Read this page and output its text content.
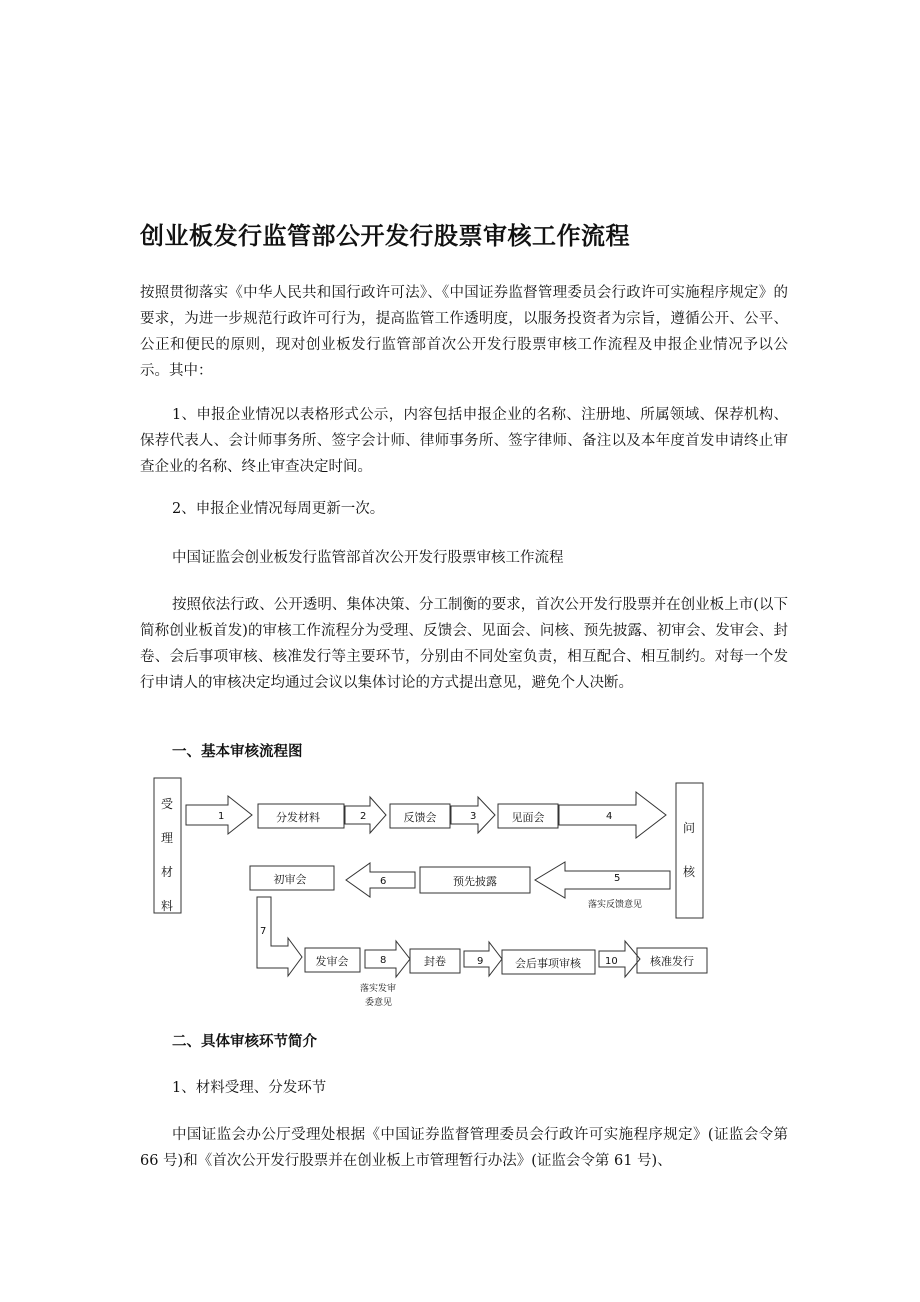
创业板发行监管部公开发行股票审核工作流程
按照贯彻落实《中华人民共和国行政许可法》、《中国证券监督管理委员会行政许可实施程序规定》的要求，为进一步规范行政许可行为，提高监管工作透明度，以服务投资者为宗旨，遵循公开、公平、公正和便民的原则，现对创业板发行监管部首次公开发行股票审核工作流程及申报企业情况予以公示。其中：
1、申报企业情况以表格形式公示，内容包括申报企业的名称、注册地、所属领域、保荐机构、保荐代表人、会计师事务所、签字会计师、律师事务所、签字律师、备注以及本年度首发申请终止审查企业的名称、终止审查决定时间。
2、申报企业情况每周更新一次。
中国证监会创业板发行监管部首次公开发行股票审核工作流程
按照依法行政、公开透明、集体决策、分工制衡的要求，首次公开发行股票并在创业板上市(以下简称创业板首发)的审核工作流程分为受理、反馈会、见面会、问核、预先披露、初审会、发审会、封卷、会后事项审核、核准发行等主要环节，分别由不同处室负责，相互配合、相互制约。对每一个发行申请人的审核决定均通过会议以集体讨论的方式提出意见，避免个人决断。
一、基本审核流程图
受
理
材
料
问
核
分发材料	反馈会	见面会
预先披露
初审会
发审会	封卷	会后事项审核	核准发行
1	2	3	4
5
6
7
8	9	10
落实反馈意见
落实发审
委意见
二、具体审核环节简介
1、材料受理、分发环节
中国证监会办公厅受理处根据《中国证券监督管理委员会行政许可实施程序规定》(证监会令第 66 号)和《首次公开发行股票并在创业板上市管理暂行办法》(证监会令第 61 号)、
